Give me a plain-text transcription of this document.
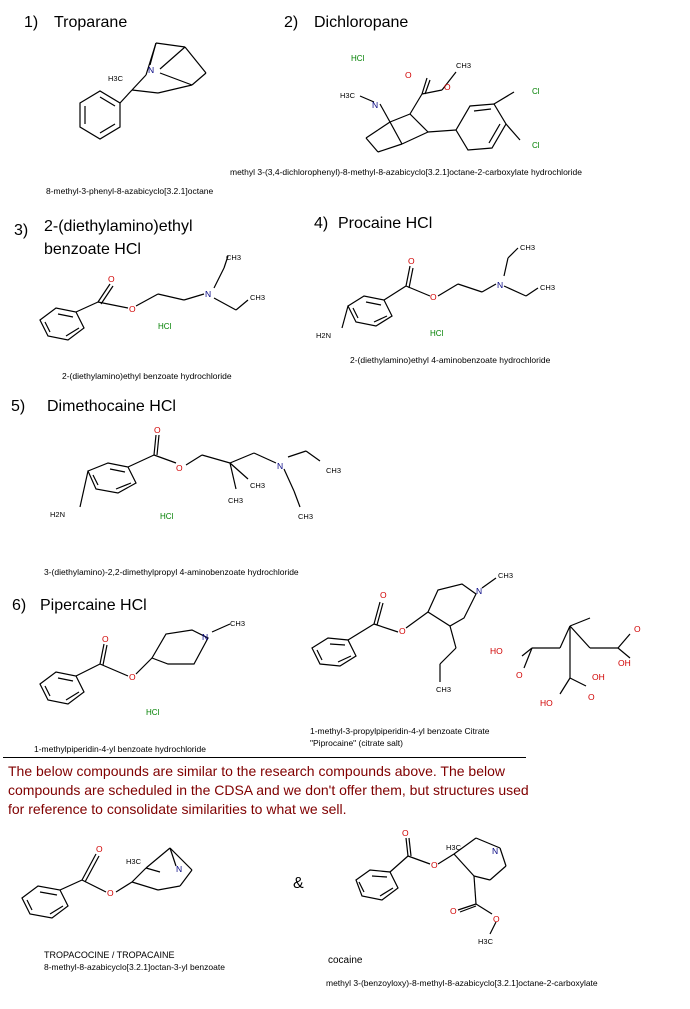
1) Troparane
N
H3C
8-methyl-3-phenyl-8-azabicyclo[3.2.1]octane
2) Dichloropane
HCl
N
H3C
O
O
CH3
Cl
Cl
methyl 3-(3,4-dichlorophenyl)-8-methyl-8-azabicyclo[3.2.1]octane-2-carboxylate hydrochloride
3) 2-(diethylamino)ethyl
benzoate HCl
O
O
N
CH3
CH3
HCl
2-(diethylamino)ethyl benzoate hydrochloride
4) Procaine HCl
O
O
N
CH3
CH3
H2N	HCl
2-(diethylamino)ethyl 4-aminobenzoate hydrochloride
5) Dimethocaine HCl
O
O	N	CH3
CH3
CH3
CH3
H2N	HCl
3-(diethylamino)-2,2-dimethylpropyl 4-aminobenzoate hydrochloride
6) Pipercaine HCl
O
O
N
CH3
HCl
1-methylpiperidin-4-yl benzoate hydrochloride
O
O
N
CH3
CH3
HO
O
O
OH
HO
O
OH
1-methyl-3-propylpiperidin-4-yl benzoate Citrate
"Piprocaine" (citrate salt)
The below compounds are similar to the research compounds above. The below compounds are scheduled in the CDSA and we don't offer them, but structures used for reference to consolidate similarities to what we sell.
O
O
N
H3C
TROPACOCINE / TROPACAINE
8-methyl-8-azabicyclo[3.2.1]octan-3-yl benzoate
&
O
O
O
O
N
H3C
H3C
cocaine
methyl 3-(benzoyloxy)-8-methyl-8-azabicyclo[3.2.1]octane-2-carboxylate
